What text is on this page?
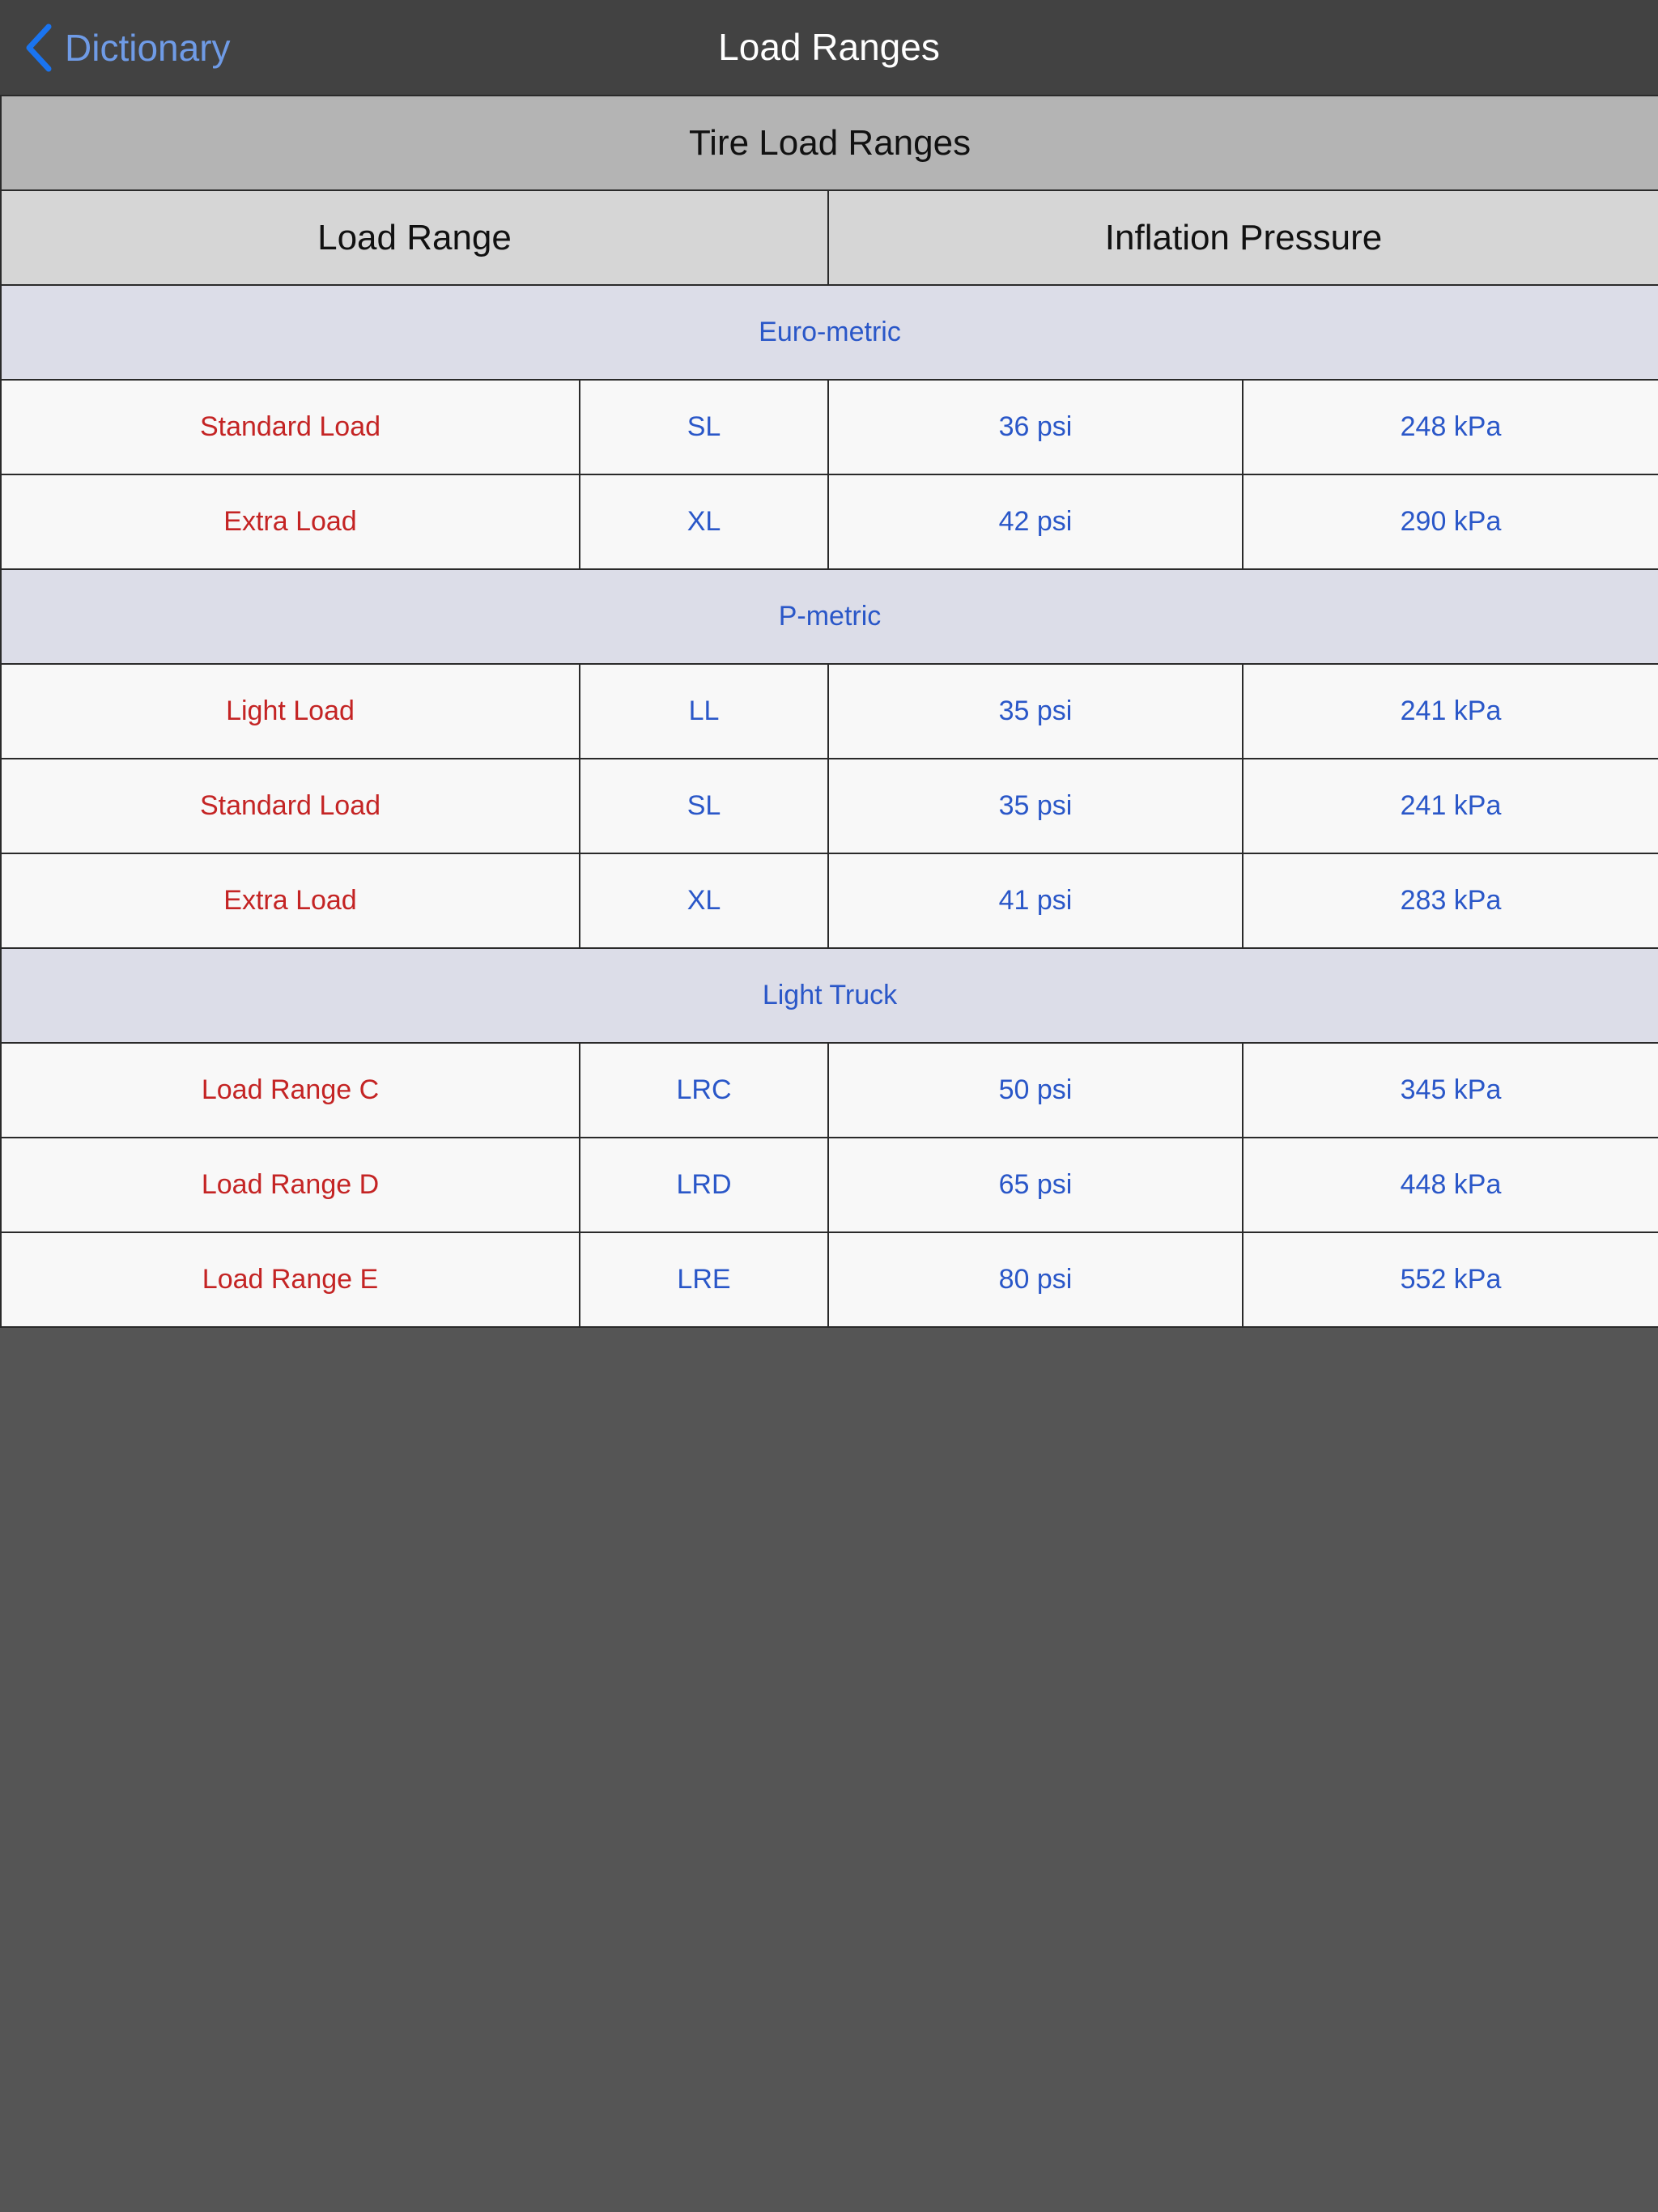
Dictionary	Load Ranges
Tire Load Ranges			
Load Range		Inflation Pressure	
Euro-metric			
Standard Load	SL	36 psi	248 kPa
Extra Load	XL	42 psi	290 kPa
P-metric			
Light Load	LL	35 psi	241 kPa
Standard Load	SL	35 psi	241 kPa
Extra Load	XL	41 psi	283 kPa
Light Truck			
Load Range C	LRC	50 psi	345 kPa
Load Range D	LRD	65 psi	448 kPa
Load Range E	LRE	80 psi	552 kPa
